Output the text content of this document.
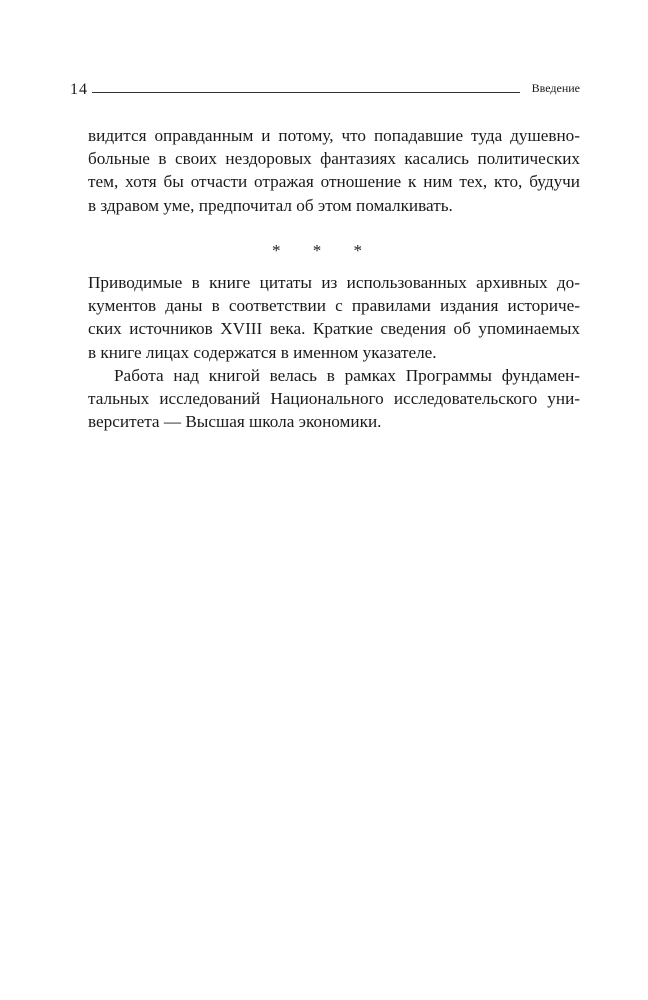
14	Введение
видится оправданным и потому, что попадавшие туда душевно-
больные в своих нездоровых фантазиях касались политических
тем, хотя бы отчасти отражая отношение к ним тех, кто, будучи
в здравом уме, предпочитал об этом помалкивать.
* * *
Приводимые в книге цитаты из использованных архивных до-
кументов даны в соответствии с правилами издания историче-
ских источников XVIII века. Краткие сведения об упоминаемых
в книге лицах содержатся в именном указателе.
Работа над книгой велась в рамках Программы фундамен-
тальных исследований Национального исследовательского уни-
верситета — Высшая школа экономики.
